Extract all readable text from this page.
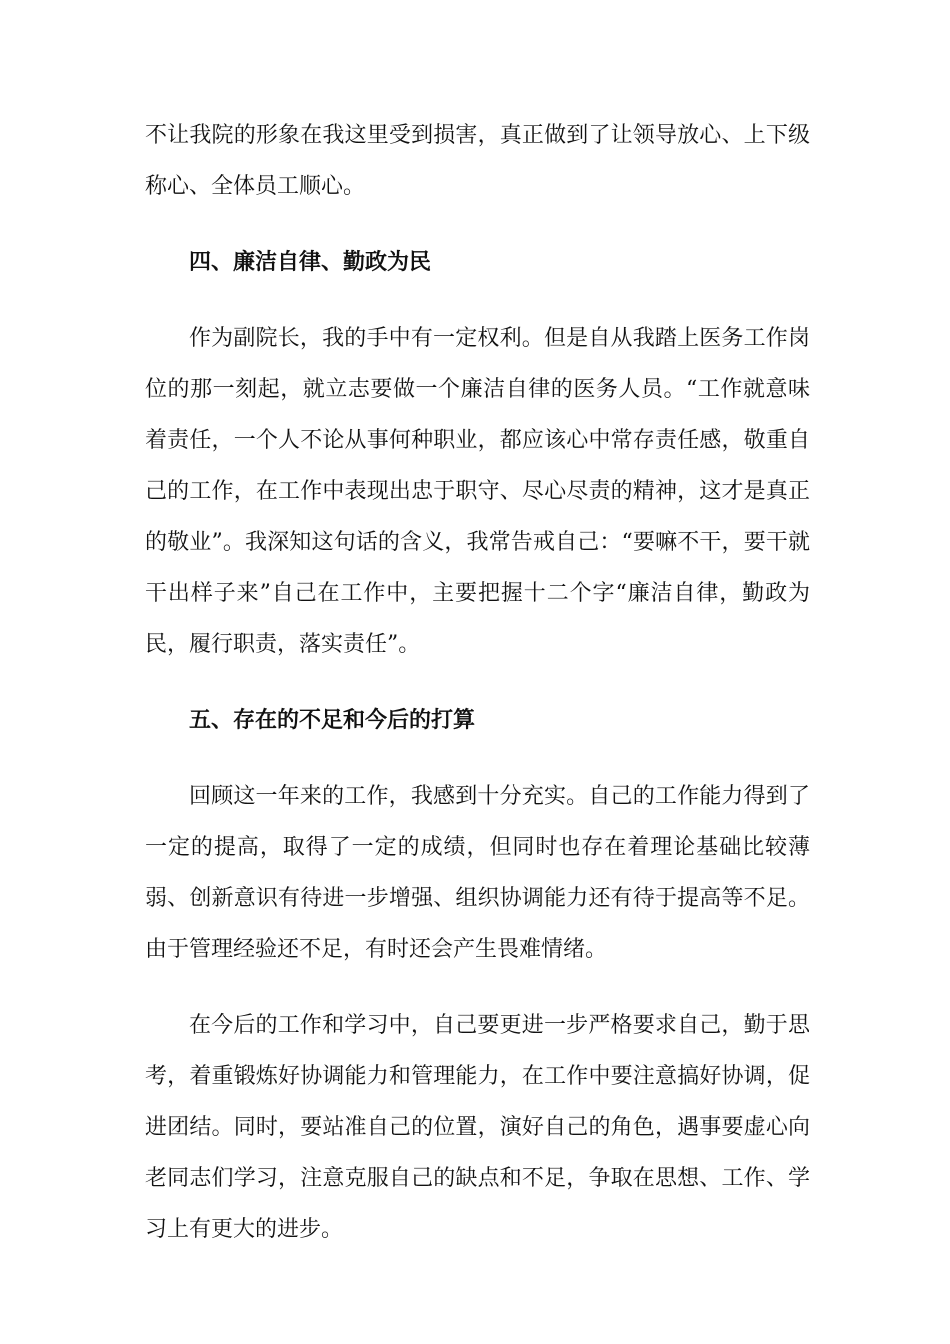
不让我院的形象在我这里受到损害，真正做到了让领导放心、上下级称心、全体员工顺心。

四、廉洁自律、勤政为民

作为副院长，我的手中有一定权利。但是自从我踏上医务工作岗位的那一刻起，就立志要做一个廉洁自律的医务人员。“工作就意味着责任，一个人不论从事何种职业，都应该心中常存责任感，敬重自己的工作，在工作中表现出忠于职守、尽心尽责的精神，这才是真正的敬业”。我深知这句话的含义，我常告戒自己：“要嘛不干，要干就干出样子来”自己在工作中，主要把握十二个字“廉洁自律，勤政为民，履行职责，落实责任”。

五、存在的不足和今后的打算

回顾这一年来的工作，我感到十分充实。自己的工作能力得到了一定的提高，取得了一定的成绩，但同时也存在着理论基础比较薄弱、创新意识有待进一步增强、组织协调能力还有待于提高等不足。由于管理经验还不足，有时还会产生畏难情绪。

在今后的工作和学习中，自己要更进一步严格要求自己，勤于思考，着重锻炼好协调能力和管理能力，在工作中要注意搞好协调，促进团结。同时，要站准自己的位置，演好自己的角色，遇事要虚心向老同志们学习，注意克服自己的缺点和不足，争取在思想、工作、学习上有更大的进步。
